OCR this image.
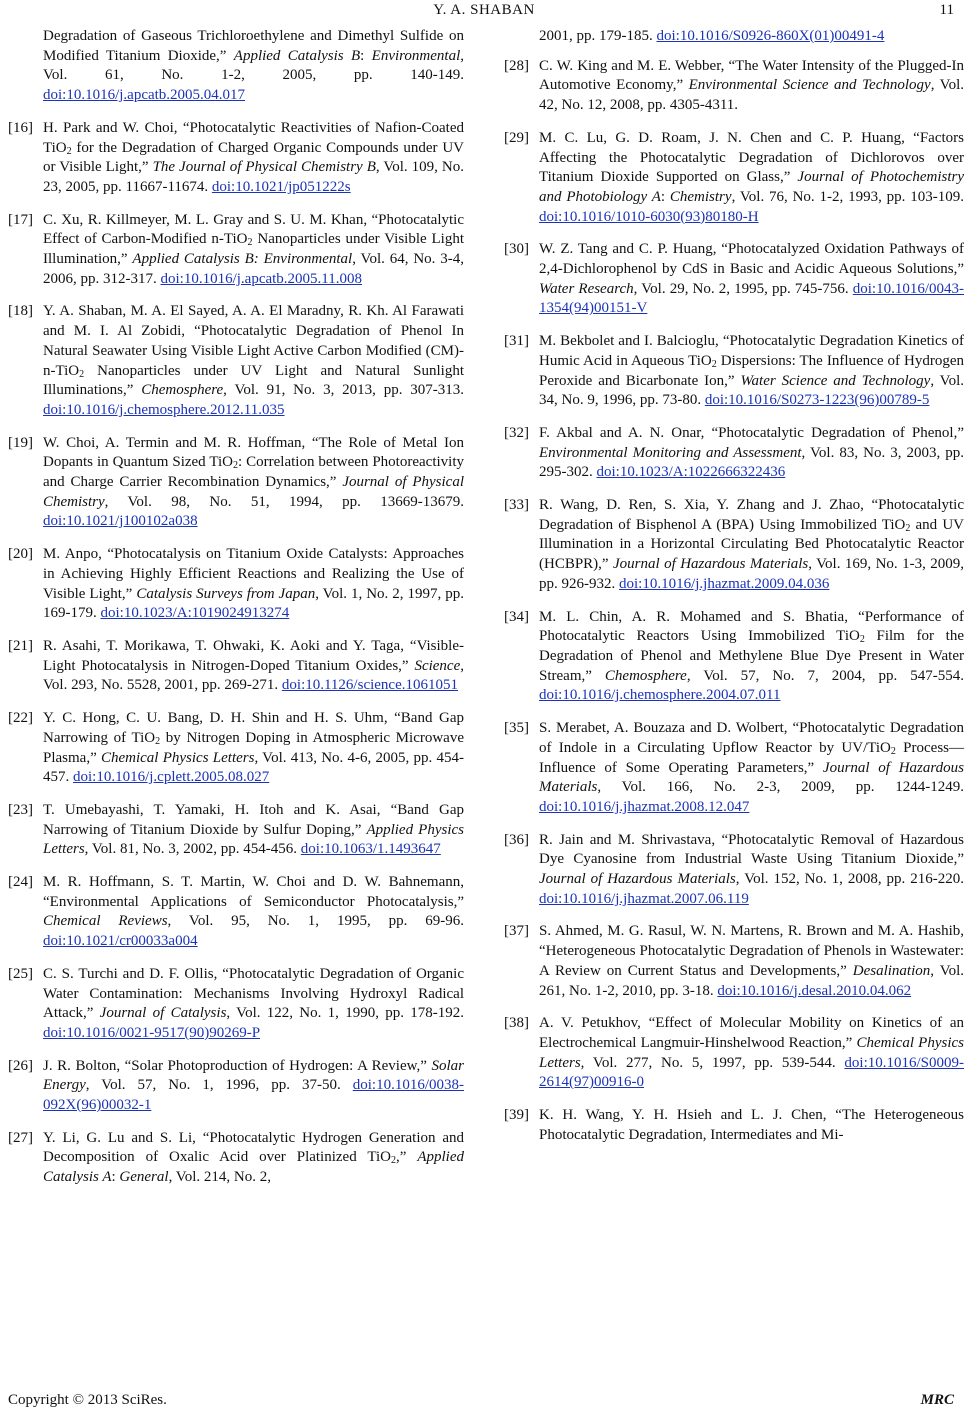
Y. A. SHABAN	11
Degradation of Gaseous Trichloroethylene and Dimethyl Sulfide on Modified Titanium Dioxide,” Applied Catalysis B: Environmental, Vol. 61, No. 1-2, 2005, pp. 140-149. doi:10.1016/j.apcatb.2005.04.017
[16] H. Park and W. Choi, “Photocatalytic Reactivities of Nafion-Coated TiO$_2$ for the Degradation of Charged Organic Compounds under UV or Visible Light,” The Journal of Physical Chemistry B, Vol. 109, No. 23, 2005, pp. 11667-11674. doi:10.1021/jp051222s
[17] C. Xu, R. Killmeyer, M. L. Gray and S. U. M. Khan, “Photocatalytic Effect of Carbon-Modified n-TiO$_2$ Nanoparticles under Visible Light Illumination,” Applied Catalysis B: Environmental, Vol. 64, No. 3-4, 2006, pp. 312-317. doi:10.1016/j.apcatb.2005.11.008
[18] Y. A. Shaban, M. A. El Sayed, A. A. El Maradny, R. Kh. Al Farawati and M. I. Al Zobidi, “Photocatalytic Degradation of Phenol In Natural Seawater Using Visible Light Active Carbon Modified (CM)-n-TiO$_2$ Nanoparticles under UV Light and Natural Sunlight Illuminations,” Chemosphere, Vol. 91, No. 3, 2013, pp. 307-313. doi:10.1016/j.chemosphere.2012.11.035
[19] W. Choi, A. Termin and M. R. Hoffman, “The Role of Metal Ion Dopants in Quantum Sized TiO$_2$: Correlation between Photoreactivity and Charge Carrier Recombination Dynamics,” Journal of Physical Chemistry, Vol. 98, No. 51, 1994, pp. 13669-13679. doi:10.1021/j100102a038
[20] M. Anpo, “Photocatalysis on Titanium Oxide Catalysts: Approaches in Achieving Highly Efficient Reactions and Realizing the Use of Visible Light,” Catalysis Surveys from Japan, Vol. 1, No. 2, 1997, pp. 169-179. doi:10.1023/A:1019024913274
[21] R. Asahi, T. Morikawa, T. Ohwaki, K. Aoki and Y. Taga, “Visible-Light Photocatalysis in Nitrogen-Doped Titanium Oxides,” Science, Vol. 293, No. 5528, 2001, pp. 269-271. doi:10.1126/science.1061051
[22] Y. C. Hong, C. U. Bang, D. H. Shin and H. S. Uhm, “Band Gap Narrowing of TiO$_2$ by Nitrogen Doping in Atmospheric Microwave Plasma,” Chemical Physics Letters, Vol. 413, No. 4-6, 2005, pp. 454-457. doi:10.1016/j.cplett.2005.08.027
[23] T. Umebayashi, T. Yamaki, H. Itoh and K. Asai, “Band Gap Narrowing of Titanium Dioxide by Sulfur Doping,” Applied Physics Letters, Vol. 81, No. 3, 2002, pp. 454-456. doi:10.1063/1.1493647
[24] M. R. Hoffmann, S. T. Martin, W. Choi and D. W. Bahnemann, “Environmental Applications of Semiconductor Photocatalysis,” Chemical Reviews, Vol. 95, No. 1, 1995, pp. 69-96. doi:10.1021/cr00033a004
[25] C. S. Turchi and D. F. Ollis, “Photocatalytic Degradation of Organic Water Contamination: Mechanisms Involving Hydroxyl Radical Attack,” Journal of Catalysis, Vol. 122, No. 1, 1990, pp. 178-192. doi:10.1016/0021-9517(90)90269-P
[26] J. R. Bolton, “Solar Photoproduction of Hydrogen: A Review,” Solar Energy, Vol. 57, No. 1, 1996, pp. 37-50. doi:10.1016/0038-092X(96)00032-1
[27] Y. Li, G. Lu and S. Li, “Photocatalytic Hydrogen Generation and Decomposition of Oxalic Acid over Platinized TiO$_2$,” Applied Catalysis A: General, Vol. 214, No. 2,
2001, pp. 179-185. doi:10.1016/S0926-860X(01)00491-4
[28] C. W. King and M. E. Webber, “The Water Intensity of the Plugged-In Automotive Economy,” Environmental Science and Technology, Vol. 42, No. 12, 2008, pp. 4305-4311.
[29] M. C. Lu, G. D. Roam, J. N. Chen and C. P. Huang, “Factors Affecting the Photocatalytic Degradation of Dichlorovos over Titanium Dioxide Supported on Glass,” Journal of Photochemistry and Photobiology A: Chemistry, Vol. 76, No. 1-2, 1993, pp. 103-109. doi:10.1016/1010-6030(93)80180-H
[30] W. Z. Tang and C. P. Huang, “Photocatalyzed Oxidation Pathways of 2,4-Dichlorophenol by CdS in Basic and Acidic Aqueous Solutions,” Water Research, Vol. 29, No. 2, 1995, pp. 745-756. doi:10.1016/0043-1354(94)00151-V
[31] M. Bekbolet and I. Balcioglu, “Photocatalytic Degradation Kinetics of Humic Acid in Aqueous TiO$_2$ Dispersions: The Influence of Hydrogen Peroxide and Bicarbonate Ion,” Water Science and Technology, Vol. 34, No. 9, 1996, pp. 73-80. doi:10.1016/S0273-1223(96)00789-5
[32] F. Akbal and A. N. Onar, “Photocatalytic Degradation of Phenol,” Environmental Monitoring and Assessment, Vol. 83, No. 3, 2003, pp. 295-302. doi:10.1023/A:1022666322436
[33] R. Wang, D. Ren, S. Xia, Y. Zhang and J. Zhao, “Photocatalytic Degradation of Bisphenol A (BPA) Using Immobilized TiO$_2$ and UV Illumination in a Horizontal Circulating Bed Photocatalytic Reactor (HCBPR),” Journal of Hazardous Materials, Vol. 169, No. 1-3, 2009, pp. 926-932. doi:10.1016/j.jhazmat.2009.04.036
[34] M. L. Chin, A. R. Mohamed and S. Bhatia, “Performance of Photocatalytic Reactors Using Immobilized TiO$_2$ Film for the Degradation of Phenol and Methylene Blue Dye Present in Water Stream,” Chemosphere, Vol. 57, No. 7, 2004, pp. 547-554. doi:10.1016/j.chemosphere.2004.07.011
[35] S. Merabet, A. Bouzaza and D. Wolbert, “Photocatalytic Degradation of Indole in a Circulating Upflow Reactor by UV/TiO$_2$ Process—Influence of Some Operating Parameters,” Journal of Hazardous Materials, Vol. 166, No. 2-3, 2009, pp. 1244-1249. doi:10.1016/j.jhazmat.2008.12.047
[36] R. Jain and M. Shrivastava, “Photocatalytic Removal of Hazardous Dye Cyanosine from Industrial Waste Using Titanium Dioxide,” Journal of Hazardous Materials, Vol. 152, No. 1, 2008, pp. 216-220. doi:10.1016/j.jhazmat.2007.06.119
[37] S. Ahmed, M. G. Rasul, W. N. Martens, R. Brown and M. A. Hashib, “Heterogeneous Photocatalytic Degradation of Phenols in Wastewater: A Review on Current Status and Developments,” Desalination, Vol. 261, No. 1-2, 2010, pp. 3-18. doi:10.1016/j.desal.2010.04.062
[38] A. V. Petukhov, “Effect of Molecular Mobility on Kinetics of an Electrochemical Langmuir-Hinshelwood Reaction,” Chemical Physics Letters, Vol. 277, No. 5, 1997, pp. 539-544. doi:10.1016/S0009-2614(97)00916-0
[39] K. H. Wang, Y. H. Hsieh and L. J. Chen, “The Heterogeneous Photocatalytic Degradation, Intermediates and Mi-
Copyright © 2013 SciRes.	MRC
